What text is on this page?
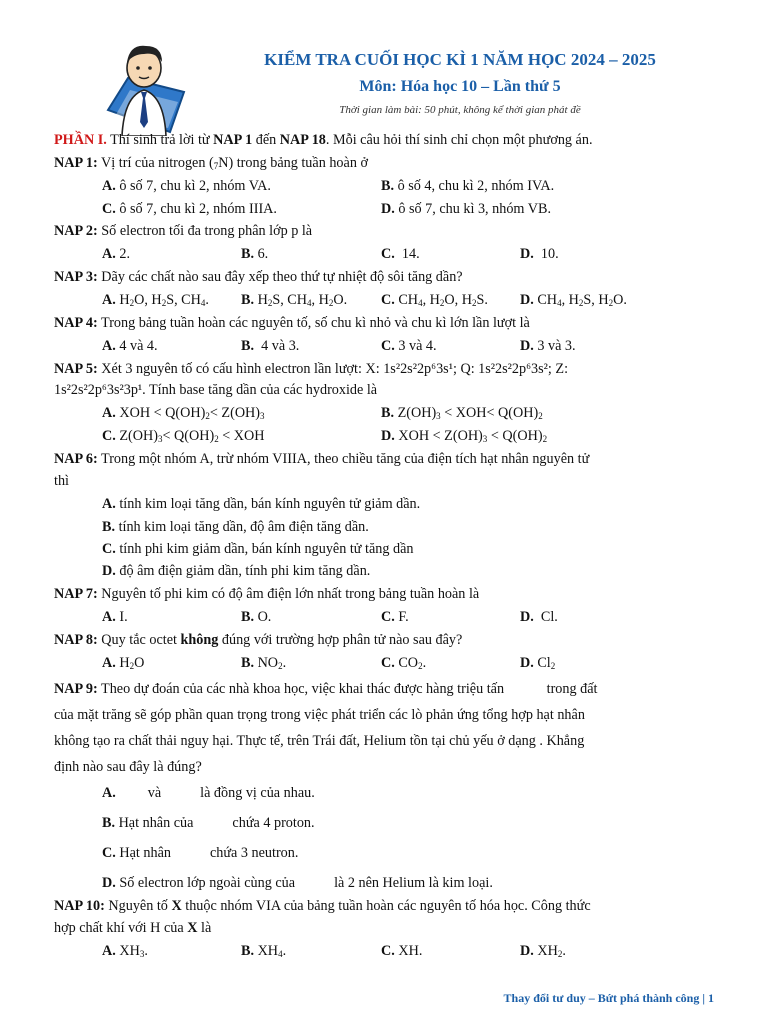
KIỂM TRA CUỐI HỌC KÌ 1 NĂM HỌC 2024 – 2025
Môn: Hóa học 10 – Lần thứ 5
Thời gian làm bài: 50 phút, không kể thời gian phát đề
PHẦN I. Thí sinh trả lời từ NAP 1 đến NAP 18. Mỗi câu hỏi thí sinh chỉ chọn một phương án.
NAP 1: Vị trí của nitrogen $(_7N)$ trong bảng tuần hoàn ở
A. ô số 7, chu kì 2, nhóm VA.	B. ô số 4, chu kì 2, nhóm IVA.
C. ô số 7, chu kì 2, nhóm IIIA.	D. ô số 7, chu kì 3, nhóm VB.
NAP 2: Số electron tối đa trong phân lớp p là
A. 2.	B. 6.	C. 14.	D. 10.
NAP 3: Dãy các chất nào sau đây xếp theo thứ tự nhiệt độ sôi tăng dần?
A. $H_2O$, $H_2S$, $CH_4$. B. $H_2S$, $CH_4$, $H_2O$. C. $CH_4$, $H_2O$, $H_2S$. D. $CH_4$, $H_2S$, $H_2O$.
NAP 4: Trong bảng tuần hoàn các nguyên tố, số chu kì nhỏ và chu kì lớn lần lượt là
A. 4 và 4.	B. 4 và 3.	C. 3 và 4.	D. 3 và 3.
NAP 5: Xét 3 nguyên tố có cấu hình electron lần lượt: X: 1s²2s²2p⁶3s¹; Q: 1s²2s²2p⁶3s²; Z:
1s²2s²2p⁶3s²3p¹. Tính base tăng dần của các hydroxide là
A. XOH < $Q(OH)_2< Z(OH)_3$	B. $Z(OH)_3 < XOH< Q(OH)_2$
C. $Z(OH)_3< Q(OH)_2$ < XOH	D. XOH < $Z(OH)_3 < Q(OH)_2$
NAP 6: Trong một nhóm A, trừ nhóm VIIIA, theo chiều tăng của điện tích hạt nhân nguyên tử
thì
A. tính kim loại tăng dần, bán kính nguyên tử giảm dần.
B. tính kim loại tăng dần, độ âm điện tăng dần.
C. tính phi kim giảm dần, bán kính nguyên tử tăng dần
D. độ âm điện giảm dần, tính phi kim tăng dần.
NAP 7: Nguyên tố phi kim có độ âm điện lớn nhất trong bảng tuần hoàn là
A. I.	B. O.	C. F.	D. Cl.
NAP 8: Quy tắc octet không đúng với trường hợp phân tử nào sau đây?
A. $H_2O$	B. $NO_2$.	C. $CO_2$.	D. $Cl_2$
NAP 9: Theo dự đoán của các nhà khoa học, việc khai thác được hàng triệu tấn            trong đất
của mặt trăng sẽ góp phần quan trọng trong việc phát triển các lò phản ứng tổng hợp hạt nhân
không tạo ra chất thải nguy hại. Thực tế, trên Trái đất, Helium tồn tại chủ yếu ở dạng . Khẳng
định nào sau đây là đúng?
A.         và           là đồng vị của nhau.
B. Hạt nhân của           chứa 4 proton.
C. Hạt nhân           chứa 3 neutron.
D. Số electron lớp ngoài cùng của           là 2 nên Helium là kim loại.
NAP 10: Nguyên tố X thuộc nhóm VIA của bảng tuần hoàn các nguyên tố hóa học. Công thức
hợp chất khí với H của X là
A. $XH_3$.	B. $XH_4$.	C. XH.	D. $XH_2$.
Thay đổi tư duy – Bứt phá thành công | 1
